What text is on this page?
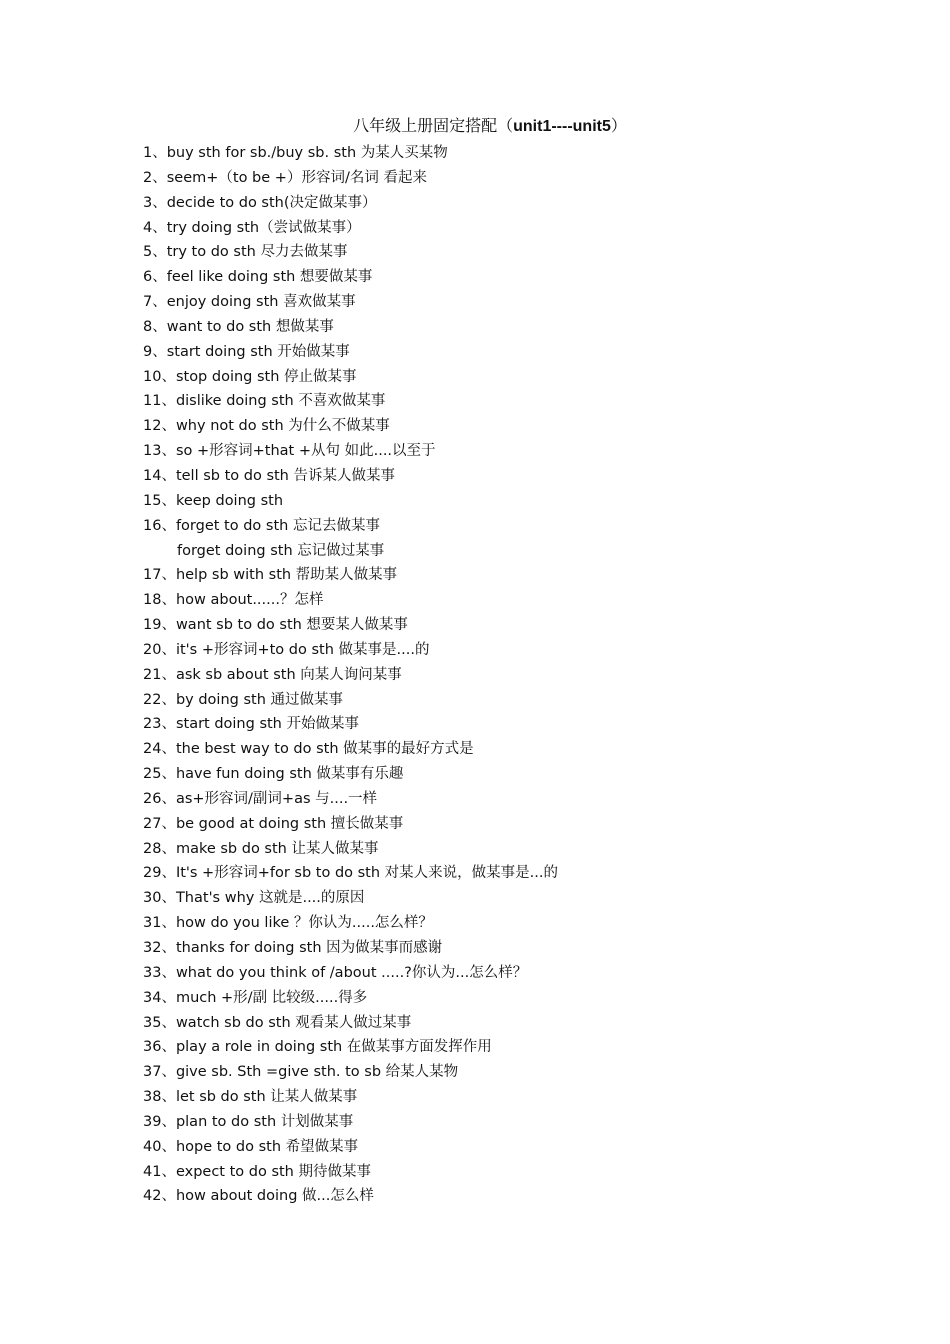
八年级上册固定搭配（unit1----unit5）
1、buy sth for sb./buy sb. sth 为某人买某物
2、seem+（to be +）形容词/名词 看起来
3、decide to do sth(决定做某事）
4、try doing sth（尝试做某事）
5、try to do sth 尽力去做某事
6、feel like doing sth 想要做某事
7、enjoy doing sth 喜欢做某事
8、want to do sth 想做某事
9、start doing sth 开始做某事
10、stop doing sth 停止做某事
11、dislike doing sth 不喜欢做某事
12、why not do sth 为什么不做某事
13、so +形容词+that +从句 如此....以至于
14、tell sb to do sth 告诉某人做某事
15、keep doing sth
16、forget to do sth 忘记去做某事
forget doing sth 忘记做过某事
17、help sb with sth 帮助某人做某事
18、how about......？怎样
19、want sb to do sth 想要某人做某事
20、it's +形容词+to do sth 做某事是....的
21、ask sb about sth 向某人询问某事
22、by doing sth 通过做某事
23、start doing sth 开始做某事
24、the best way to do sth 做某事的最好方式是
25、have fun doing sth 做某事有乐趣
26、as+形容词/副词+as 与....一样
27、be good at doing sth 擅长做某事
28、make sb do sth 让某人做某事
29、It's +形容词+for sb to do sth 对某人来说，做某事是...的
30、That's why 这就是....的原因
31、how do you like ？你认为.....怎么样？
32、thanks for doing sth 因为做某事而感谢
33、what do you think of /about .....?你认为...怎么样？
34、much +形/副 比较级.....得多
35、watch sb do sth 观看某人做过某事
36、play a role in doing sth 在做某事方面发挥作用
37、give sb. Sth =give sth. to sb 给某人某物
38、let sb do sth 让某人做某事
39、plan to do sth 计划做某事
40、hope to do sth 希望做某事
41、expect to do sth 期待做某事
42、how about doing 做...怎么样
